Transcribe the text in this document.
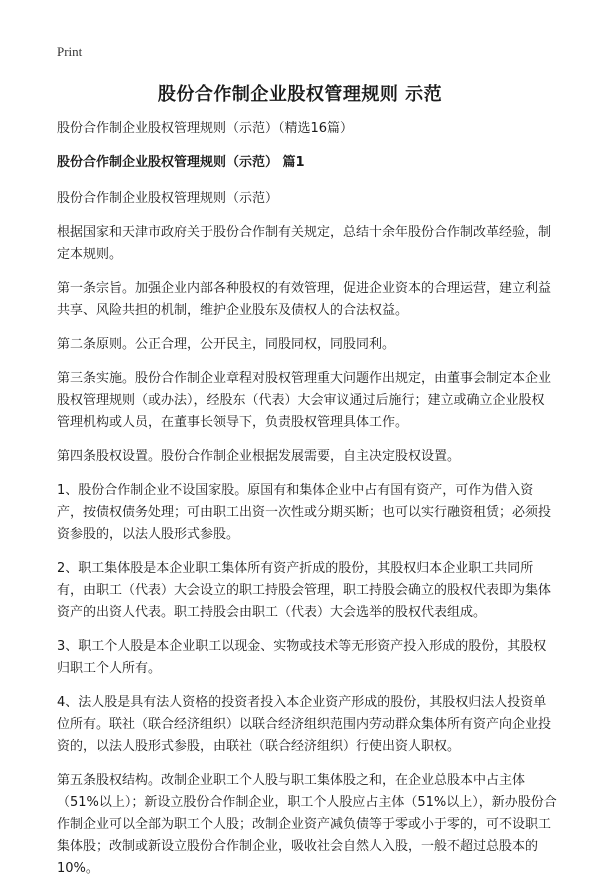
Print
股份合作制企业股权管理规则 示范

股份合作制企业股权管理规则（示范）（精选16篇）

股份合作制企业股权管理规则（示范） 篇1

股份合作制企业股权管理规则（示范）

根据国家和天津市政府关于股份合作制有关规定，总结十余年股份合作制改革经验，制定本规则。

第一条宗旨。加强企业内部各种股权的有效管理，促进企业资本的合理运营，建立利益共享、风险共担的机制，维护企业股东及债权人的合法权益。

第二条原则。公正合理，公开民主，同股同权，同股同利。

第三条实施。股份合作制企业章程对股权管理重大问题作出规定，由董事会制定本企业股权管理规则（或办法），经股东（代表）大会审议通过后施行；建立或确立企业股权管理机构或人员，在董事长领导下，负责股权管理具体工作。

第四条股权设置。股份合作制企业根据发展需要，自主决定股权设置。

1、股份合作制企业不设国家股。原国有和集体企业中占有国有资产，可作为借入资产，按债权债务处理；可由职工出资一次性或分期买断；也可以实行融资租赁；必须投资参股的，以法人股形式参股。

2、职工集体股是本企业职工集体所有资产折成的股份，其股权归本企业职工共同所有，由职工（代表）大会设立的职工持股会管理，职工持股会确立的股权代表即为集体资产的出资人代表。职工持股会由职工（代表）大会选举的股权代表组成。

3、职工个人股是本企业职工以现金、实物或技术等无形资产投入形成的股份，其股权归职工个人所有。

4、法人股是具有法人资格的投资者投入本企业资产形成的股份，其股权归法人投资单位所有。联社（联合经济组织）以联合经济组织范围内劳动群众集体所有资产向企业投资的，以法人股形式参股，由联社（联合经济组织）行使出资人职权。

第五条股权结构。改制企业职工个人股与职工集体股之和，在企业总股本中占主体（51%以上）；新设立股份合作制企业，职工个人股应占主体（51%以上），新办股份合作制企业可以全部为职工个人股；改制企业资产减负债等于零或小于零的，可不设职工集体股；改制或新设立股份合作制企业，吸收社会自然人入股，一般不超过总股本的10%。
